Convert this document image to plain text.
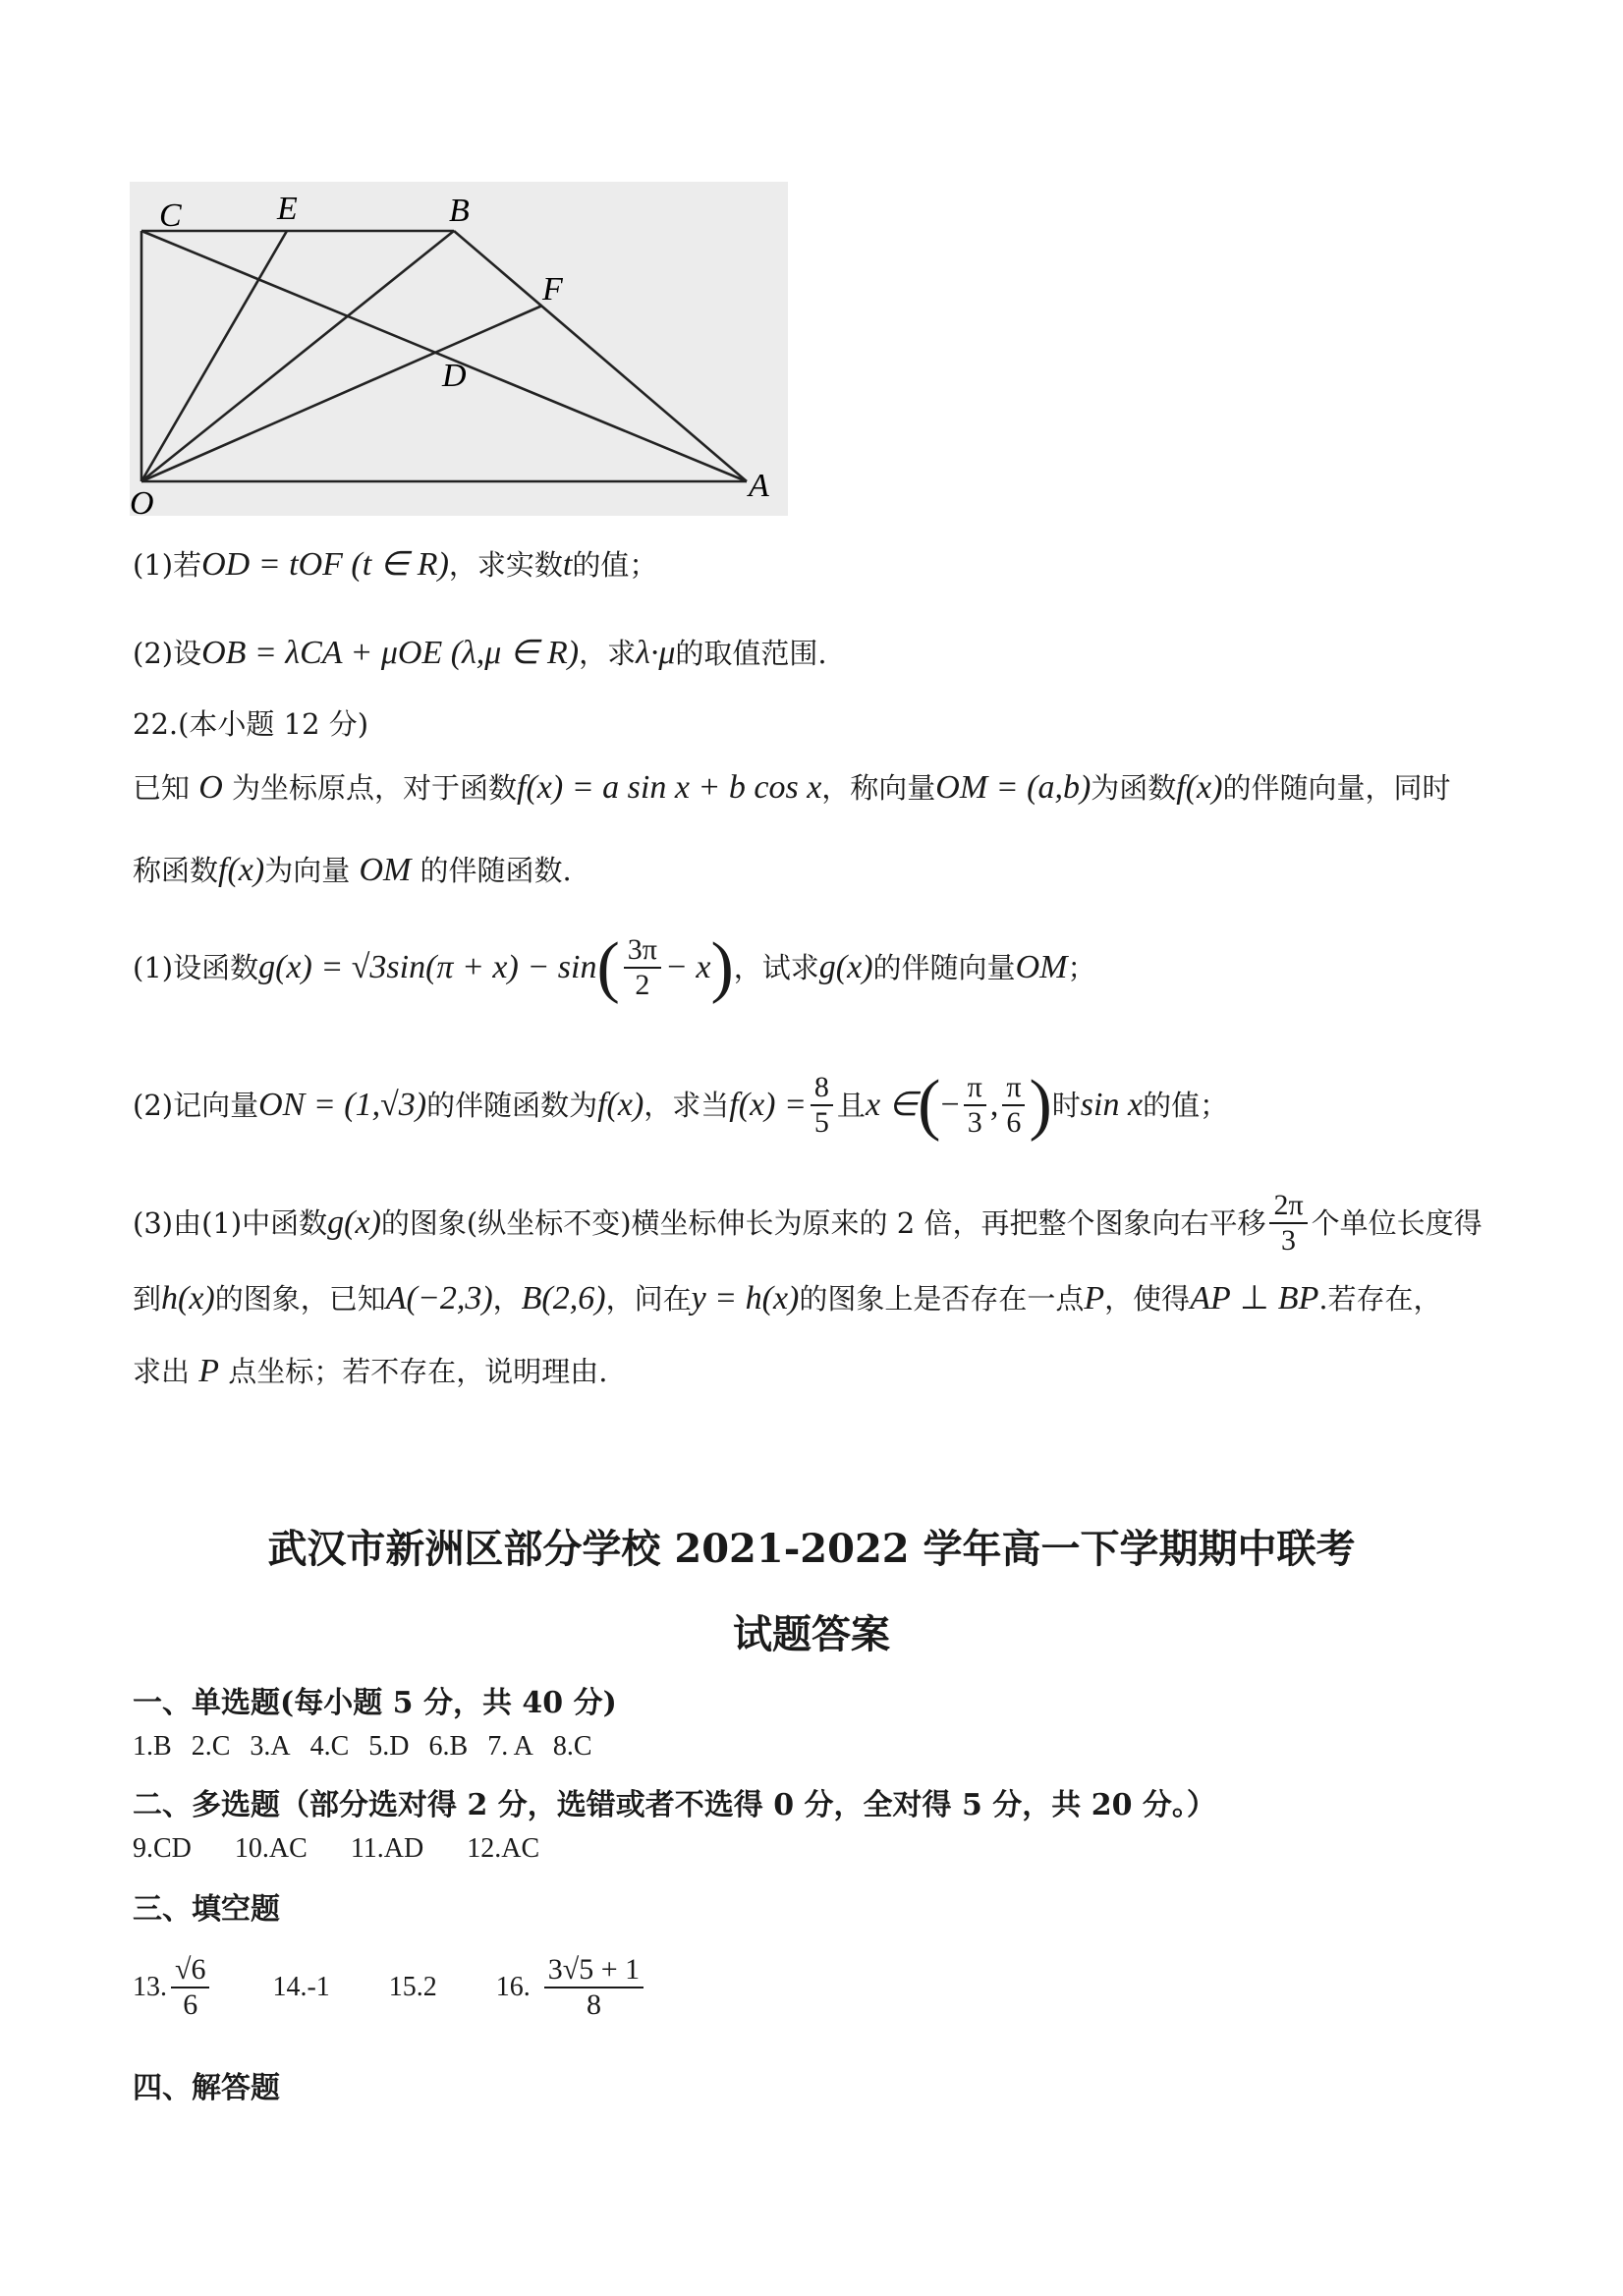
C	E	B
F
D
O	A
(1)若OD = tOF (t ∈ R)，求实数t的值；
(2)设OB = λCA + μOE (λ,μ ∈ R)，求λ·μ的取值范围.
22.(本小题 12 分)
已知 O 为坐标原点，对于函数f(x) = a sin x + b cos x，称向量OM = (a,b)为函数f(x)的伴随向量，同时
称函数f(x)为向量 OM 的伴随函数.
(1)设函数 g(x) = √3sin(π + x) − sin ( $\frac{3\pi}{2} - x$ ) ，试求 g(x) 的伴随向量 OM ；
(2)记向量 ON = (1,√3) 的伴随函数为 f(x) ，求当 $f(x) = \frac{8}{5}$ 且 x ∈ ( − $\frac{\pi}{3}$ , $\frac{\pi}{6}$ ) 时 sin x 的值；
(3)由(1)中函数 g(x) 的图象(纵坐标不变)横坐标伸长为原来的 2 倍，再把整个图象向右平移 $\frac{2\pi}{3}$ 个单位长度得
到h(x)的图象，已知A(−2,3)，B(2,6)，问在y = h(x)的图象上是否存在一点P，使得AP ⊥ BP.若存在，
求出 P 点坐标；若不存在，说明理由.
武汉市新洲区部分学校 2021-2022 学年高一下学期期中联考
试题答案
一、单选题(每小题 5 分，共 40 分)
1.B 2.C 3.A 4.C 5.D 6.B 7. A 8.C
二、多选题（部分选对得 2 分，选错或者不选得 0 分，全对得 5 分，共 20 分。）
9.CD 10.AC 11.AD 12.AC
三、填空题
13. $\frac{√6}{6} 14.-1$ 15.2 16. $\frac{3√5 + 1}{8}$
四、解答题
